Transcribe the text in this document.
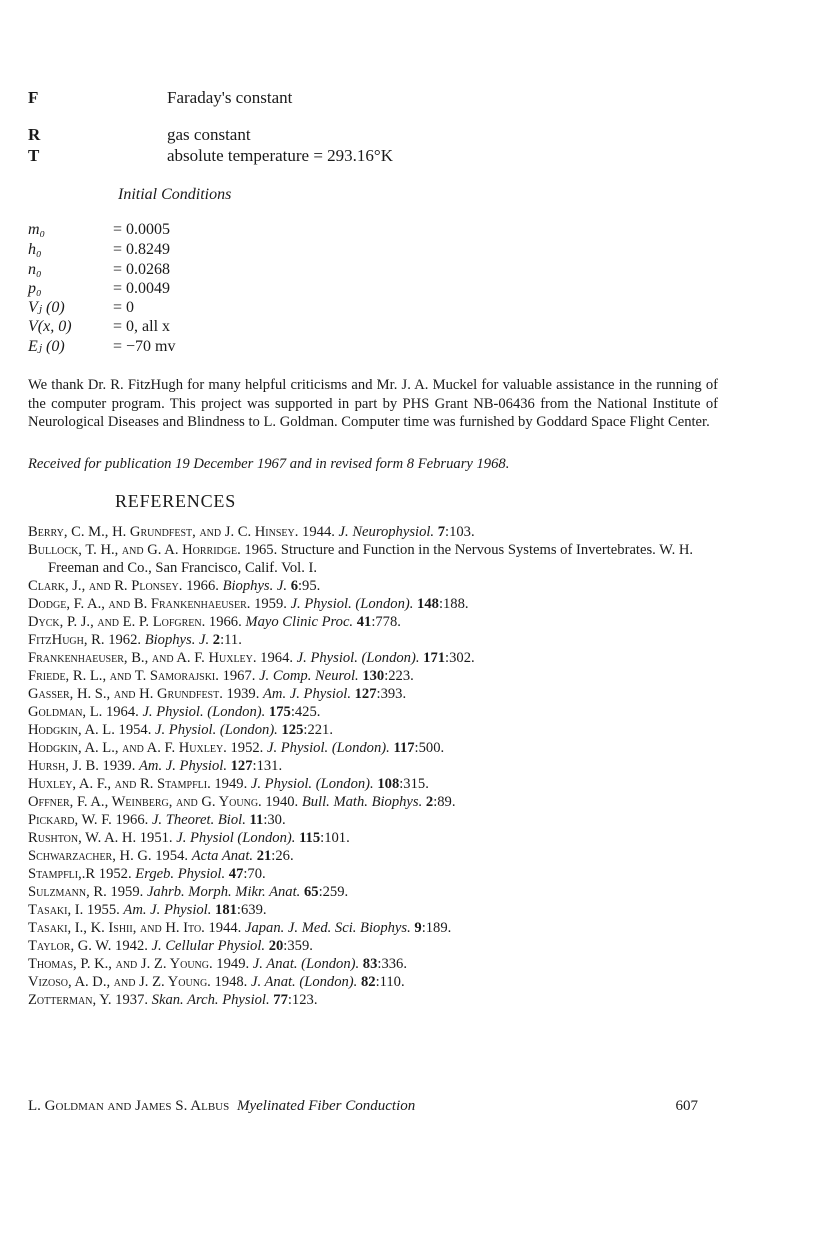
F	Faraday's constant
R	gas constant
T	absolute temperature = 293.16°K
Initial Conditions
m₀	= 0.0005
h₀	= 0.8249
n₀	= 0.0268
p₀	= 0.0049
Vⱼ (0)	= 0
V(x, 0)	= 0, all x
Eⱼ (0)	= −70 mv
We thank Dr. R. FitzHugh for many helpful criticisms and Mr. J. A. Muckel for valuable assistance in the running of the computer program. This project was supported in part by PHS Grant NB-06436 from the National Institute of Neurological Diseases and Blindness to L. Goldman. Computer time was furnished by Goddard Space Flight Center.
Received for publication 19 December 1967 and in revised form 8 February 1968.
REFERENCES
Berry, C. M., H. Grundfest, and J. C. Hinsey. 1944. J. Neurophysiol. 7:103.
Bullock, T. H., and G. A. Horridge. 1965. Structure and Function in the Nervous Systems of Invertebrates. W. H. Freeman and Co., San Francisco, Calif. Vol. I.
Clark, J., and R. Plonsey. 1966. Biophys. J. 6:95.
Dodge, F. A., and B. Frankenhaeuser. 1959. J. Physiol. (London). 148:188.
Dyck, P. J., and E. P. Lofgren. 1966. Mayo Clinic Proc. 41:778.
FitzHugh, R. 1962. Biophys. J. 2:11.
Frankenhaeuser, B., and A. F. Huxley. 1964. J. Physiol. (London). 171:302.
Friede, R. L., and T. Samorajski. 1967. J. Comp. Neurol. 130:223.
Gasser, H. S., and H. Grundfest. 1939. Am. J. Physiol. 127:393.
Goldman, L. 1964. J. Physiol. (London). 175:425.
Hodgkin, A. L. 1954. J. Physiol. (London). 125:221.
Hodgkin, A. L., and A. F. Huxley. 1952. J. Physiol. (London). 117:500.
Hursh, J. B. 1939. Am. J. Physiol. 127:131.
Huxley, A. F., and R. Stampfli. 1949. J. Physiol. (London). 108:315.
Offner, F. A., Weinberg, and G. Young. 1940. Bull. Math. Biophys. 2:89.
Pickard, W. F. 1966. J. Theoret. Biol. 11:30.
Rushton, W. A. H. 1951. J. Physiol (London). 115:101.
Schwarzacher, H. G. 1954. Acta Anat. 21:26.
Stampfli,.R 1952. Ergeb. Physiol. 47:70.
Sulzmann, R. 1959. Jahrb. Morph. Mikr. Anat. 65:259.
Tasaki, I. 1955. Am. J. Physiol. 181:639.
Tasaki, I., K. Ishii, and H. Ito. 1944. Japan. J. Med. Sci. Biophys. 9:189.
Taylor, G. W. 1942. J. Cellular Physiol. 20:359.
Thomas, P. K., and J. Z. Young. 1949. J. Anat. (London). 83:336.
Vizoso, A. D., and J. Z. Young. 1948. J. Anat. (London). 82:110.
Zotterman, Y. 1937. Skan. Arch. Physiol. 77:123.
L. Goldman and James S. Albus Myelinated Fiber Conduction	607
